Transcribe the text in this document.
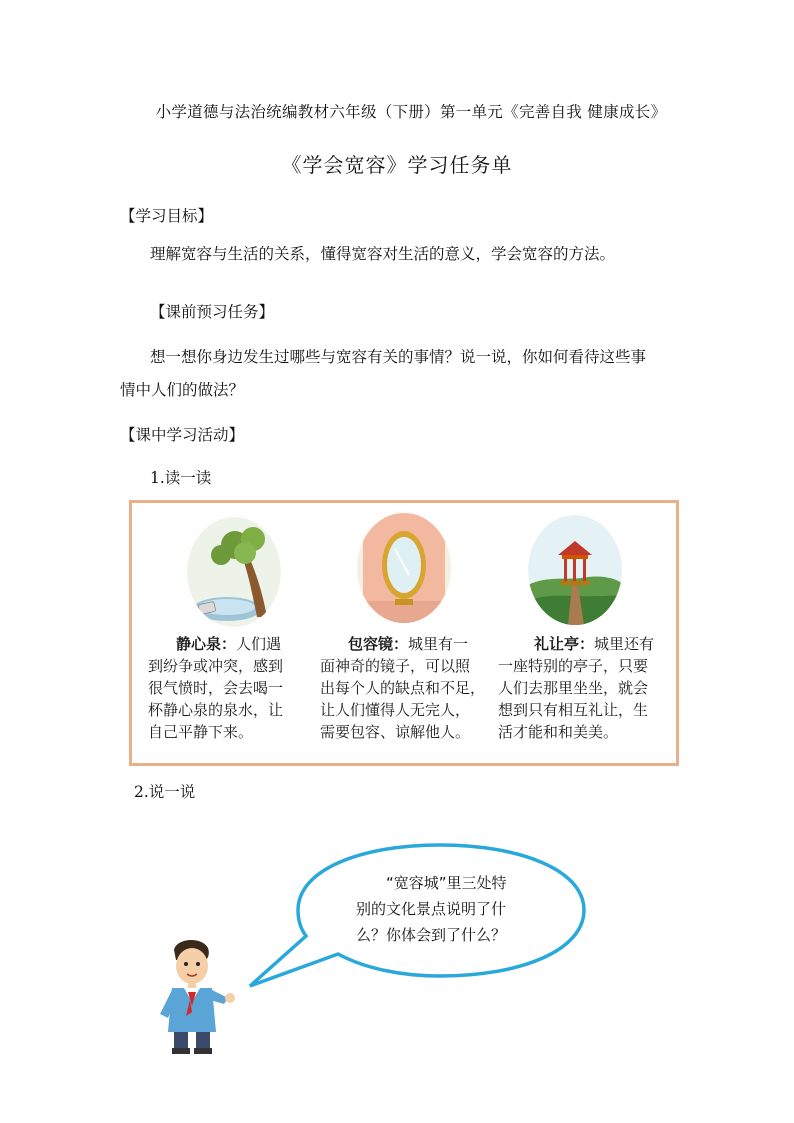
小学道德与法治统编教材六年级（下册）第一单元《完善自我 健康成长》
《学会宽容》学习任务单
【学习目标】
理解宽容与生活的关系，懂得宽容对生活的意义，学会宽容的方法。
【课前预习任务】
想一想你身边发生过哪些与宽容有关的事情？说一说，你如何看待这些事
情中人们的做法？
【课中学习活动】
1.读一读
静心泉：人们遇
到纷争或冲突，感到
很气愤时，会去喝一
杯静心泉的泉水，让
自己平静下来。
包容镜：城里有一
面神奇的镜子，可以照
出每个人的缺点和不足，
让人们懂得人无完人，
需要包容、谅解他人。
礼让亭：城里还有
一座特别的亭子，只要
人们去那里坐坐，就会
想到只有相互礼让，生
活才能和和美美。
2.说一说
“宽容城”里三处特
别的文化景点说明了什
么？你体会到了什么？
